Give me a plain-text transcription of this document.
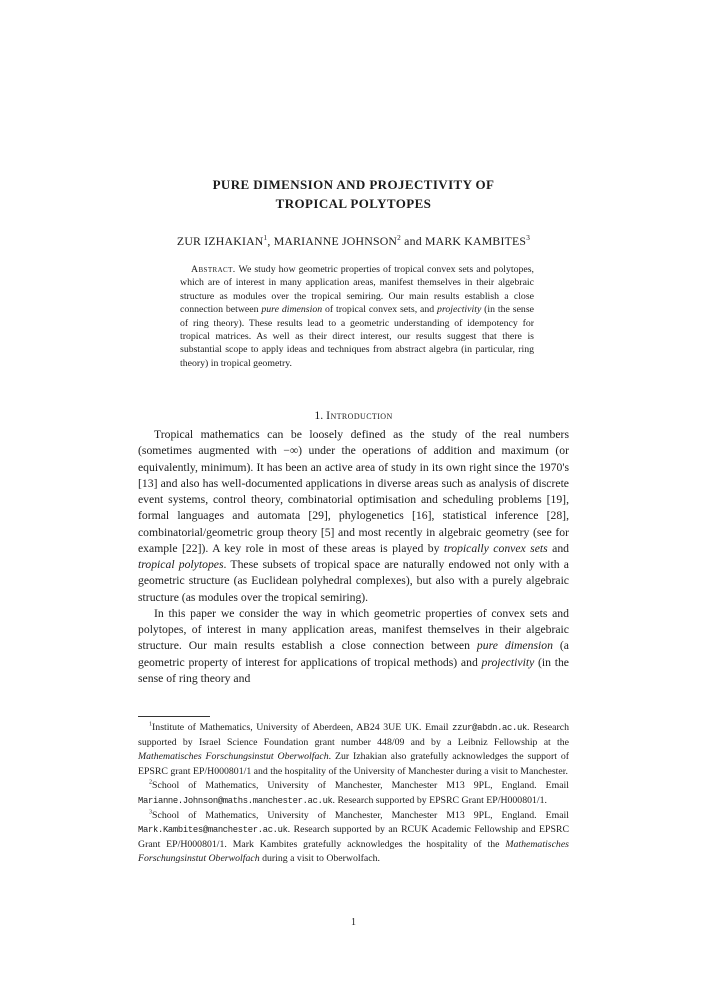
PURE DIMENSION AND PROJECTIVITY OF
TROPICAL POLYTOPES
ZUR IZHAKIAN$^1$, MARIANNE JOHNSON$^2$ and MARK KAMBITES$^3$
Abstract. We study how geometric properties of tropical convex sets and polytopes, which are of interest in many application areas, manifest themselves in their algebraic structure as modules over the tropical semiring. Our main results establish a close connection between pure dimension of tropical convex sets, and projectivity (in the sense of ring theory). These results lead to a geometric understanding of idempotency for tropical matrices. As well as their direct interest, our results suggest that there is substantial scope to apply ideas and techniques from abstract algebra (in particular, ring theory) in tropical geometry.
1. Introduction

Tropical mathematics can be loosely defined as the study of the real numbers (sometimes augmented with −∞) under the operations of addition and maximum (or equivalently, minimum). It has been an active area of study in its own right since the 1970's [13] and also has well-documented applications in diverse areas such as analysis of discrete event systems, control theory, combinatorial optimisation and scheduling problems [19], formal languages and automata [29], phylogenetics [16], statistical inference [28], combinatorial/geometric group theory [5] and most recently in algebraic geometry (see for example [22]). A key role in most of these areas is played by tropically convex sets and tropical polytopes. These subsets of tropical space are naturally endowed not only with a geometric structure (as Euclidean polyhedral complexes), but also with a purely algebraic structure (as modules over the tropical semiring).

In this paper we consider the way in which geometric properties of convex sets and polytopes, of interest in many application areas, manifest themselves in their algebraic structure. Our main results establish a close connection between pure dimension (a geometric property of interest for applications of tropical methods) and projectivity (in the sense of ring theory and

$^1$Institute of Mathematics, University of Aberdeen, AB24 3UE UK. Email zzur@abdn.ac.uk. Research supported by Israel Science Foundation grant number 448/09 and by a Leibniz Fellowship at the Mathematisches Forschungsinstut Oberwolfach. Zur Izhakian also gratefully acknowledges the support of EPSRC grant EP/H000801/1 and the hospitality of the University of Manchester during a visit to Manchester.

$^2$School of Mathematics, University of Manchester, Manchester M13 9PL, England. Email Marianne.Johnson@maths.manchester.ac.uk. Research supported by EPSRC Grant EP/H000801/1.

$^3$School of Mathematics, University of Manchester, Manchester M13 9PL, England. Email Mark.Kambites@manchester.ac.uk. Research supported by an RCUK Academic Fellowship and EPSRC Grant EP/H000801/1. Mark Kambites gratefully acknowledges the hospitality of the Mathematisches Forschungsinstut Oberwolfach during a visit to Oberwolfach.

1
